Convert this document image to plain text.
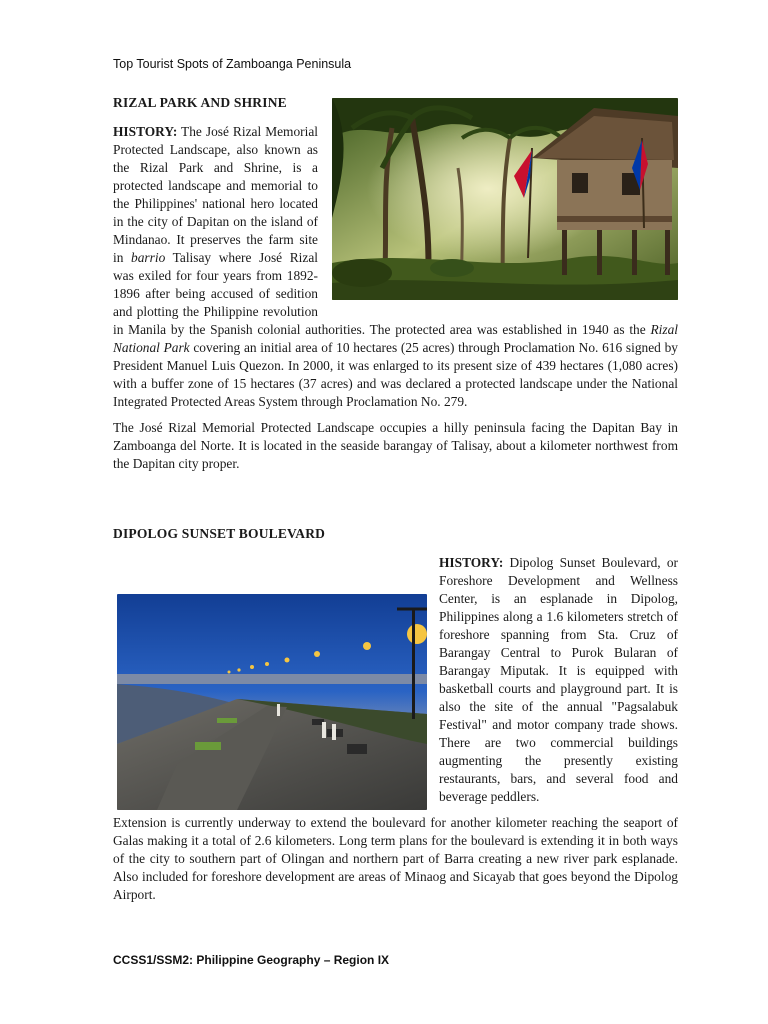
Top Tourist Spots of Zamboanga Peninsula
RIZAL PARK AND SHRINE

HISTORY: The José Rizal Memorial Protected Landscape, also known as the Rizal Park and Shrine, is a protected landscape and memorial to the Philippines' national hero located in the city of Dapitan on the island of Mindanao. It preserves the farm site in barrio Talisay where José Rizal was exiled for four years from 1892-1896 after being accused of sedition and plotting the Philippine revolution in Manila by the Spanish colonial authorities. The protected area was established in 1940 as the Rizal National Park covering an initial area of 10 hectares (25 acres) through Proclamation No. 616 signed by President Manuel Luis Quezon. In 2000, it was enlarged to its present size of 439 hectares (1,080 acres) with a buffer zone of 15 hectares (37 acres) and was declared a protected landscape under the National Integrated Protected Areas System through Proclamation No. 279.

The José Rizal Memorial Protected Landscape occupies a hilly peninsula facing the Dapitan Bay in Zamboanga del Norte. It is located in the seaside barangay of Talisay, about a kilometer northwest from the Dapitan city proper.

DIPOLOG SUNSET BOULEVARD

HISTORY: Dipolog Sunset Boulevard, or Foreshore Development and Wellness Center, is an esplanade in Dipolog, Philippines along a 1.6 kilometers stretch of foreshore spanning from Sta. Cruz of Barangay Central to Purok Bularan of Barangay Miputak. It is equipped with basketball courts and playground part. It is also the site of the annual "Pagsalabuk Festival" and motor company trade shows. There are two commercial buildings augmenting the presently existing restaurants, bars, and several food and beverage peddlers.

Extension is currently underway to extend the boulevard for another kilometer reaching the seaport of Galas making it a total of 2.6 kilometers. Long term plans for the boulevard is extending it in both ways of the city to southern part of Olingan and northern part of Barra creating a new river park esplanade. Also included for foreshore development are areas of Minaog and Sicayab that goes beyond the Dipolog Airport.

CCSS1/SSM2: Philippine Geography – Region IX
